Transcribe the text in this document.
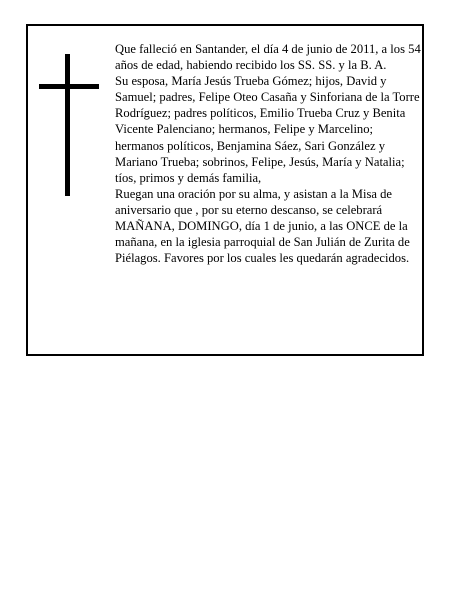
Que falleció en Santander, el día 4 de junio de 2011, a los 54 años de edad, habiendo recibido los SS. SS. y la B. A.

Su esposa, María Jesús Trueba Gómez; hijos, David y Samuel; padres, Felipe Oteo Casaña y Sinforiana de la Torre Rodríguez; padres políticos, Emilio Trueba Cruz y Benita Vicente Palenciano; hermanos, Felipe y Marcelino; hermanos políticos, Benjamina Sáez, Sari González y Mariano Trueba; sobrinos, Felipe, Jesús, María y Natalia; tíos, primos y demás familia,

Ruegan una oración por su alma, y asistan a la Misa de aniversario que , por su eterno descanso, se celebrará MAÑANA, DOMINGO, día 1 de junio, a las ONCE de la mañana, en la iglesia parroquial de San Julián de Zurita de Piélagos. Favores por los cuales les quedarán agradecidos.
